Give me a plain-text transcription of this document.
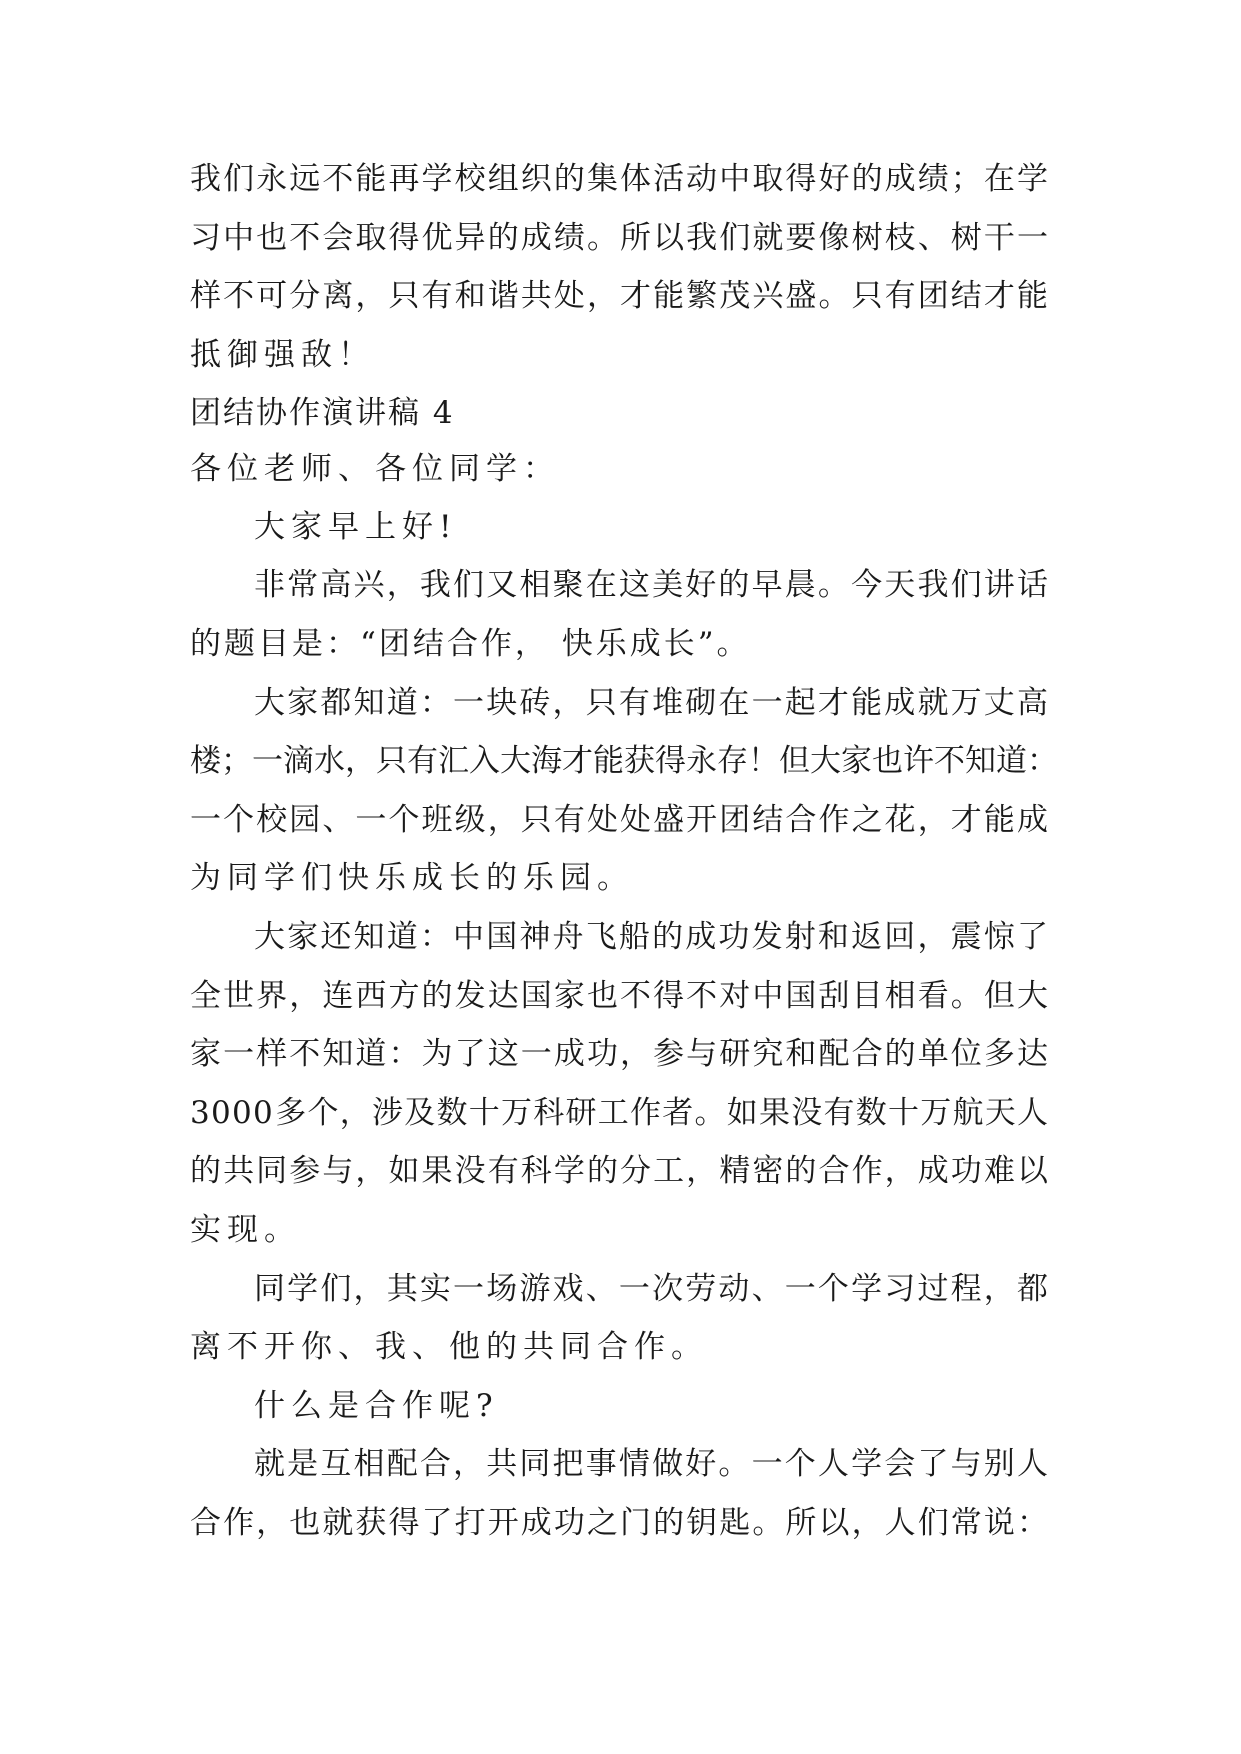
我 们 永 远 不 能 再 学 校 组 织 的 集 体 活 动 中 取 得 好 的 成 绩 ； 在 学
习 中 也 不 会 取 得 优 异 的 成 绩 。 所 以 我 们 就 要 像 树 枝 、 树 干 一
样 不 可 分 离 ， 只 有 和 谐 共 处 ， 才 能 繁 茂 兴 盛 。 只 有 团 结 才 能
抵御强敌！
团结协作演讲稿 4
各位老师、各位同学：
大家早上好!
非 常 高 兴 ， 我 们 又 相 聚 在 这 美 好 的 早 晨 。 今 天 我 们 讲 话
的题目是：“团结合作， 快乐成长”。
大 家 都 知 道 ： 一 块 砖 ， 只 有 堆 砌 在 一 起 才 能 成 就 万 丈 高
楼 ； 一 滴 水 ， 只 有 汇 入 大 海 才 能 获 得 永 存 ！ 但 大 家 也 许 不 知 道 ：
一 个 校 园 、 一 个 班 级 ， 只 有 处 处 盛 开 团 结 合 作 之 花 ， 才 能 成
为同学们快乐成长的乐园。
大 家 还 知 道 ： 中 国 神 舟 飞 船 的 成 功 发 射 和 返 回 ， 震 惊 了
全 世 界 ， 连 西 方 的 发 达 国 家 也 不 得 不 对 中 国 刮 目 相 看 。 但 大
家 一 样 不 知 道 ： 为 了 这 一 成 功 ， 参 与 研 究 和 配 合 的 单 位 多 达
3 0 0 0 多 个 ， 涉 及 数 十 万 科 研 工 作 者 。 如 果 没 有 数 十 万 航 天 人
的 共 同 参 与 ， 如 果 没 有 科 学 的 分 工 ， 精 密 的 合 作 ， 成 功 难 以
实现。
同 学 们 ， 其 实 一 场 游 戏 、 一 次 劳 动 、 一 个 学 习 过 程 ， 都
离不开你、我、他的共同合作。
什么是合作呢?
就 是 互 相 配 合 ， 共 同 把 事 情 做 好 。 一 个 人 学 会 了 与 别 人
合 作 ， 也 就 获 得 了 打 开 成 功 之 门 的 钥 匙 。 所 以 ， 人 们 常 说 ：
